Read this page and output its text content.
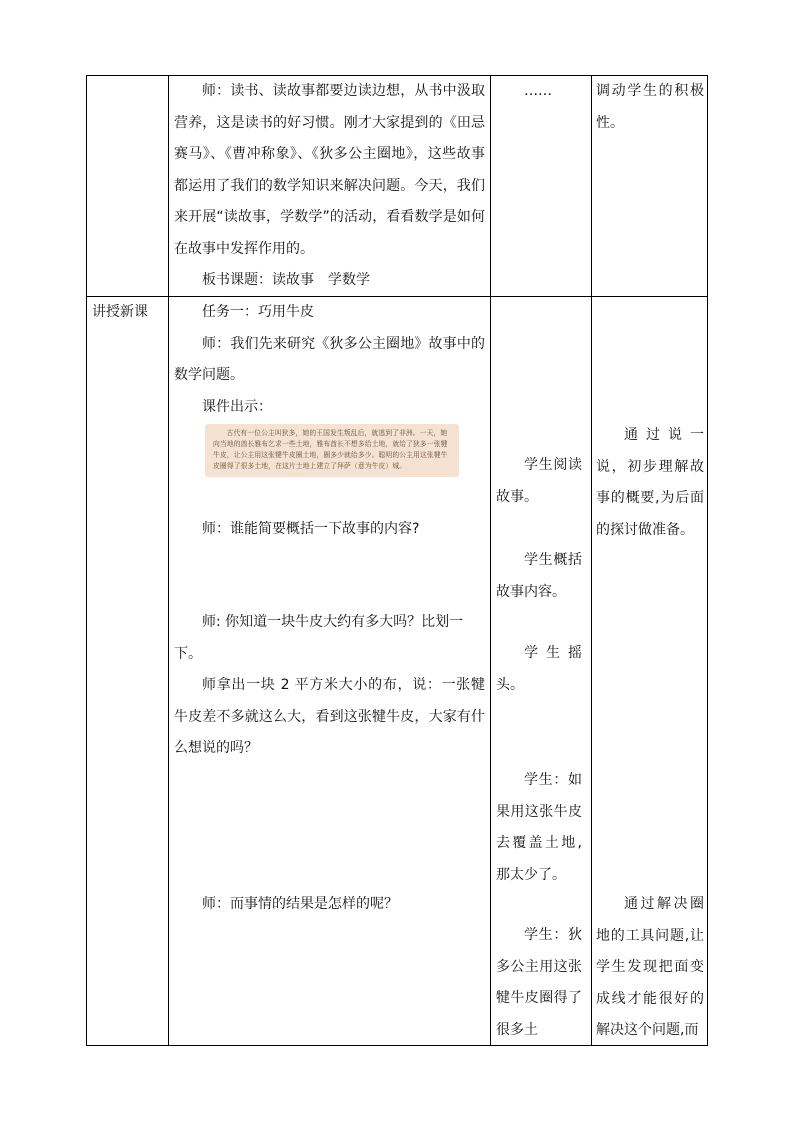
师：读书、读故事都要边读边想，从书中汲取营养，这是读书的好习惯。刚才大家提到的《田忌赛马》、《曹冲称象》、《狄多公主圈地》，这些故事都运用了我们的数学知识来解决问题。今天，我们来开展“读故事，学数学”的活动，看看数学是如何在故事中发挥作用的。

板书课题：读故事　学数学

……	调动学生的积极性。

讲授新课	任务一：巧用牛皮

师：我们先来研究《狄多公主圈地》故事中的数学问题。

课件出示：

古代有一位公主叫狄多，她的王国发生叛乱后，就逃到了非洲。一天，她向当地的酋长雅布乞求一些土地，雅布酋长不想多给土地，就给了狄多一张犍牛皮，让公主用这张犍牛皮圈土地，圈多少就给多少。聪明的公主用这张犍牛皮圈得了很多土地，在这片土地上建立了拜萨（意为牛皮）城。

师：谁能简要概括一下故事的内容?

师: 你知道一块牛皮大约有多大吗？比划一下。

师拿出一块 2 平方米大小的布，说：一张犍牛皮差不多就这么大，看到这张犍牛皮，大家有什么想说的吗？

师：而事情的结果是怎样的呢？

学生阅读故事。

学生概括故事内容。

学生摇头。

学生：如果用这张牛皮去覆盖土地,那太少了。

学生：狄多公主用这张犍牛皮圈得了很多土

通过说一说，初步理解故事的概要,为后面的探讨做准备。

通过解决圈地的工具问题,让学生发现把面变成线才能很好的解决这个问题,而
